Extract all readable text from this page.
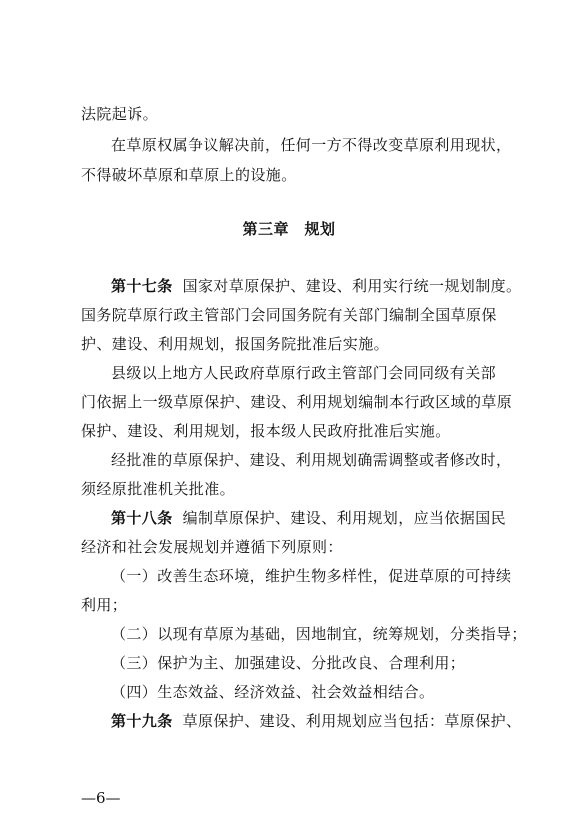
法院起诉。
在草原权属争议解决前，任何一方不得改变草原利用现状，
不得破坏草原和草原上的设施。
第三章　规划
第十七条 国家对草原保护、建设、利用实行统一规划制度。
国务院草原行政主管部门会同国务院有关部门编制全国草原保
护、建设、利用规划，报国务院批准后实施。
县级以上地方人民政府草原行政主管部门会同同级有关部
门依据上一级草原保护、建设、利用规划编制本行政区域的草原
保护、建设、利用规划，报本级人民政府批准后实施。
经批准的草原保护、建设、利用规划确需调整或者修改时，
须经原批准机关批准。
第十八条 编制草原保护、建设、利用规划，应当依据国民
经济和社会发展规划并遵循下列原则：
（一）改善生态环境，维护生物多样性，促进草原的可持续
利用；
（二）以现有草原为基础，因地制宜，统筹规划，分类指导；
（三）保护为主、加强建设、分批改良、合理利用；
（四）生态效益、经济效益、社会效益相结合。
第十九条 草原保护、建设、利用规划应当包括：草原保护、
—6—
